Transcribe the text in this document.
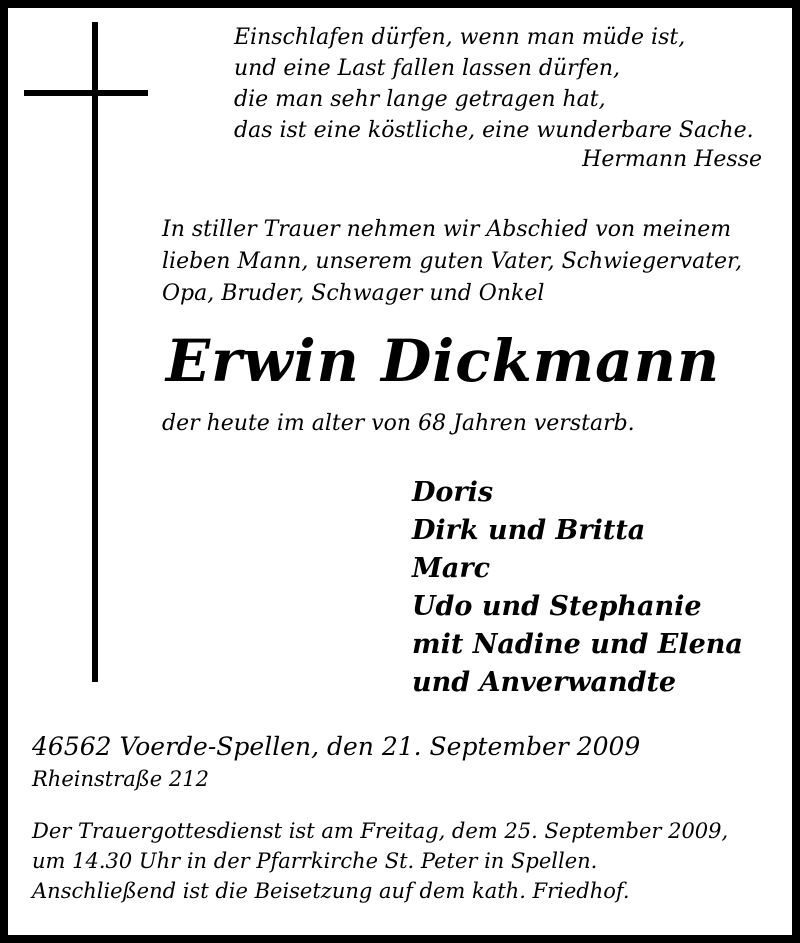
Einschlafen dürfen, wenn man müde ist,
und eine Last fallen lassen dürfen,
die man sehr lange getragen hat,
das ist eine köstliche, eine wunderbare Sache.
Hermann Hesse
In stiller Trauer nehmen wir Abschied von meinem
lieben Mann, unserem guten Vater, Schwiegervater,
Opa, Bruder, Schwager und Onkel
Erwin Dickmann
der heute im alter von 68 Jahren verstarb.
Doris
Dirk und Britta
Marc
Udo und Stephanie
mit Nadine und Elena
und Anverwandte
46562 Voerde-Spellen, den 21. September 2009
Rheinstraße 212
Der Trauergottesdienst ist am Freitag, dem 25. September 2009,
um 14.30 Uhr in der Pfarrkirche St. Peter in Spellen.
Anschließend ist die Beisetzung auf dem kath. Friedhof.
